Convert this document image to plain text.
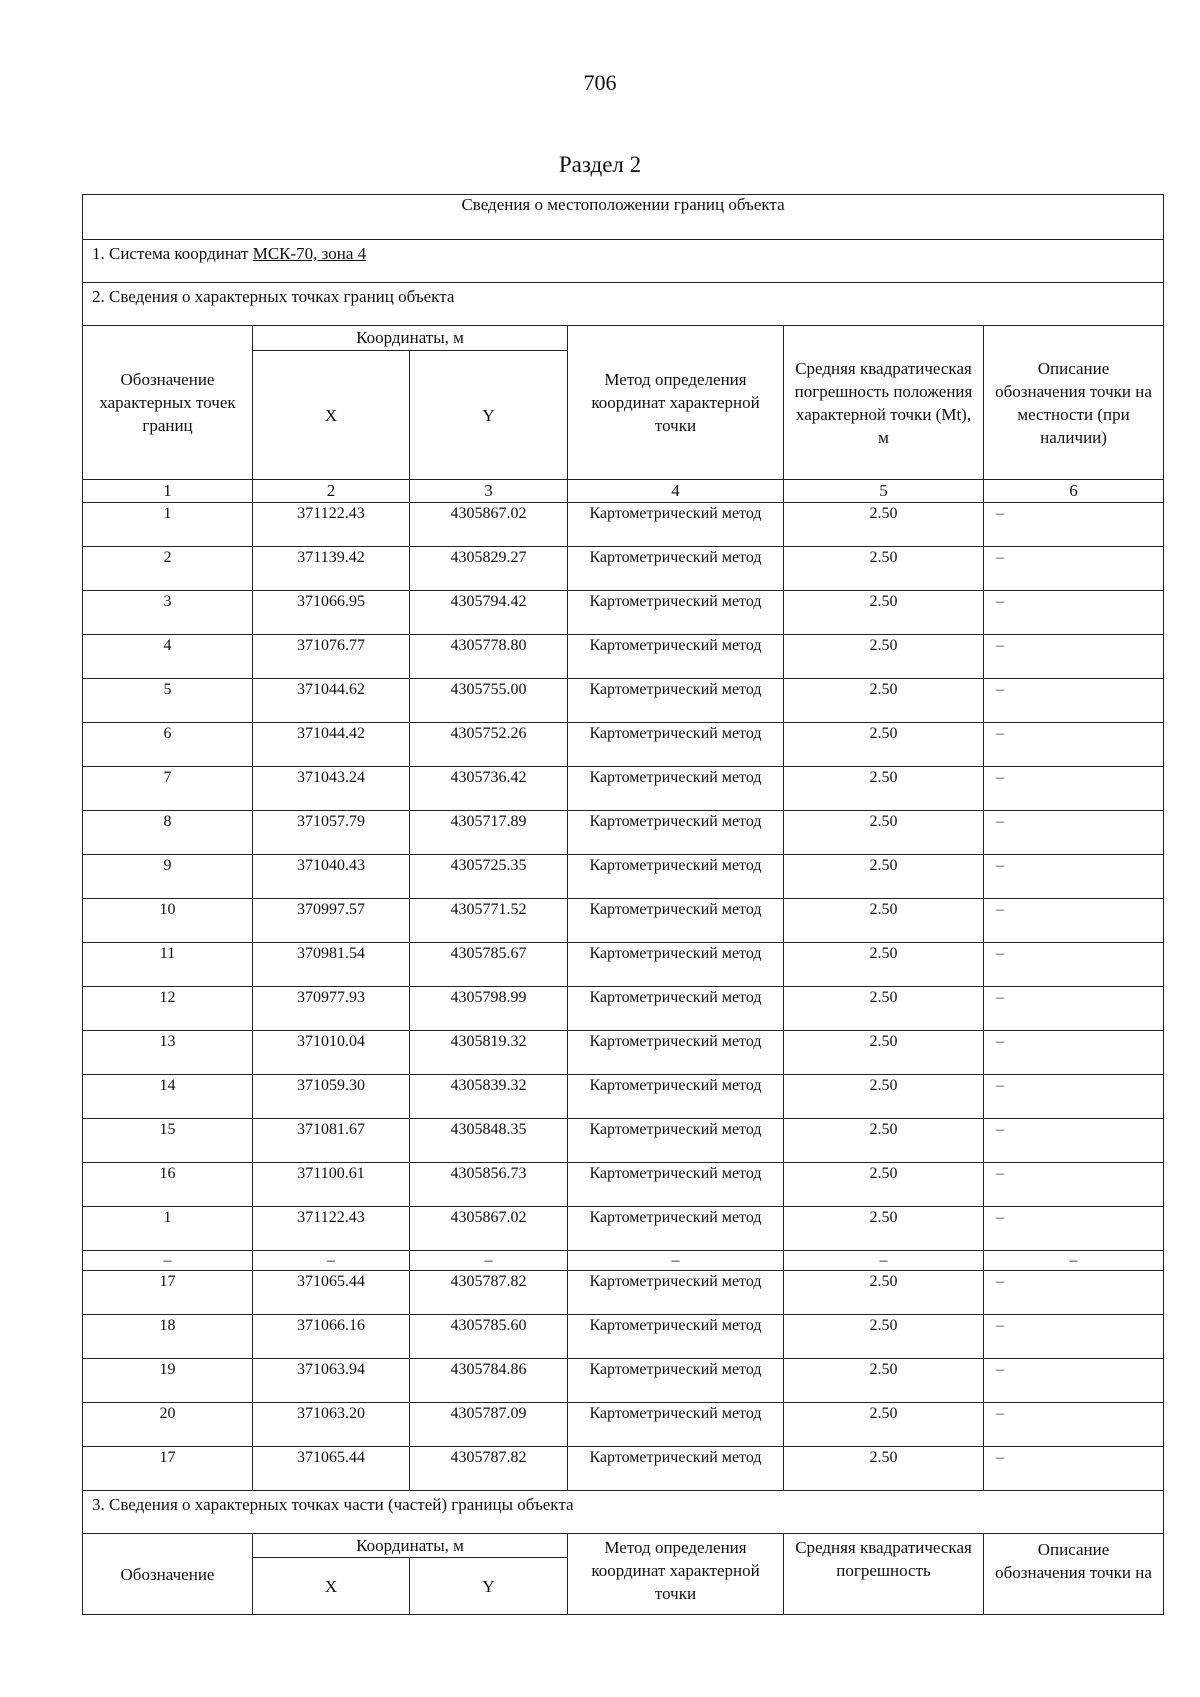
706
Раздел 2
Сведения о местоположении границ объекта					
1. Система координат МСК-70, зона 4					
2. Сведения о характерных точках границ объекта					
Обозначение характерных точек границ	Координаты, м		Метод определения координат характерной точки	Средняя квадратическая погрешность положения характерной точки (Mt), м	Описание обозначения точки на местности (при наличии)
	X	Y			
1	2	3	4	5	6
1	371122.43	4305867.02	Картометрический метод	2.50	–
2	371139.42	4305829.27	Картометрический метод	2.50	–
3	371066.95	4305794.42	Картометрический метод	2.50	–
4	371076.77	4305778.80	Картометрический метод	2.50	–
5	371044.62	4305755.00	Картометрический метод	2.50	–
6	371044.42	4305752.26	Картометрический метод	2.50	–
7	371043.24	4305736.42	Картометрический метод	2.50	–
8	371057.79	4305717.89	Картометрический метод	2.50	–
9	371040.43	4305725.35	Картометрический метод	2.50	–
10	370997.57	4305771.52	Картометрический метод	2.50	–
11	370981.54	4305785.67	Картометрический метод	2.50	–
12	370977.93	4305798.99	Картометрический метод	2.50	–
13	371010.04	4305819.32	Картометрический метод	2.50	–
14	371059.30	4305839.32	Картометрический метод	2.50	–
15	371081.67	4305848.35	Картометрический метод	2.50	–
16	371100.61	4305856.73	Картометрический метод	2.50	–
1	371122.43	4305867.02	Картометрический метод	2.50	–
–	–	–	–	–	–
17	371065.44	4305787.82	Картометрический метод	2.50	–
18	371066.16	4305785.60	Картометрический метод	2.50	–
19	371063.94	4305784.86	Картометрический метод	2.50	–
20	371063.20	4305787.09	Картометрический метод	2.50	–
17	371065.44	4305787.82	Картометрический метод	2.50	–
3. Сведения о характерных точках части (частей) границы объекта					
Обозначение	Координаты, м		Метод определения координат характерной точки	Средняя квадратическая погрешность	Описание обозначения точки на
	X	Y			
